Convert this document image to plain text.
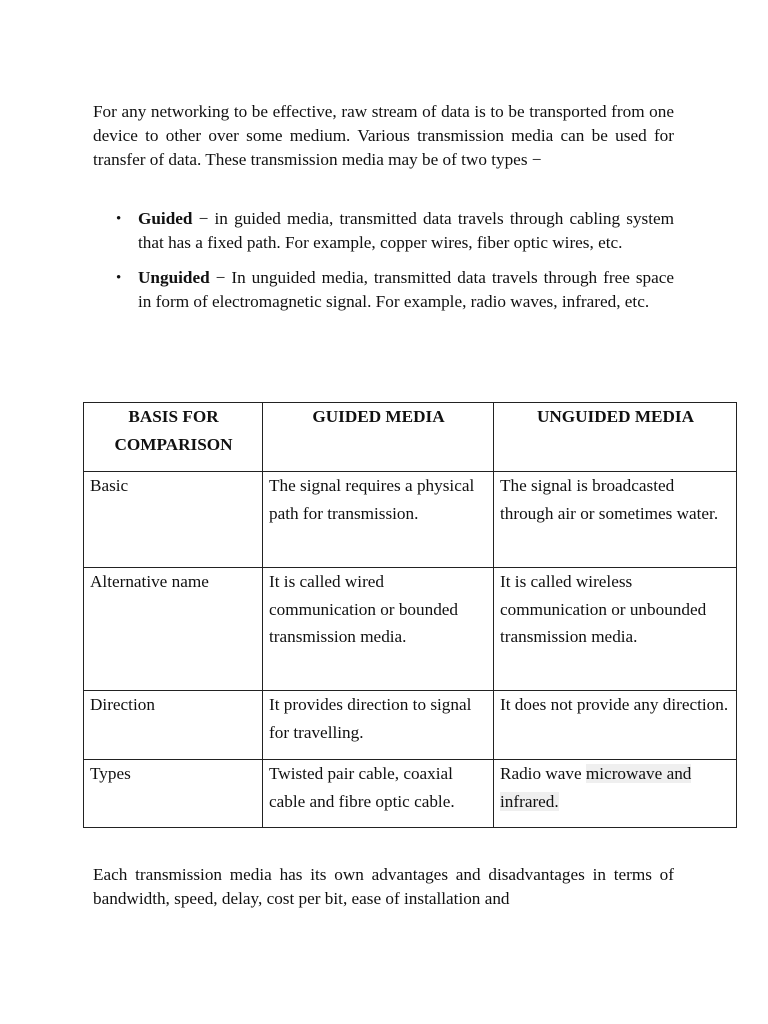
For any networking to be effective, raw stream of data is to be transported from one device to other over some medium. Various transmission media can be used for transfer of data. These transmission media may be of two types −

• Guided − in guided media, transmitted data travels through cabling system that has a fixed path. For example, copper wires, fiber optic wires, etc.
• Unguided − In unguided media, transmitted data travels through free space in form of electromagnetic signal. For example, radio waves, infrared, etc.
BASIS FOR COMPARISON	GUIDED MEDIA	UNGUIDED MEDIA
Basic	The signal requires a physical path for transmission.	The signal is broadcasted through air or sometimes water.
Alternative name	It is called wired communication or bounded transmission media.	It is called wireless communication or unbounded transmission media.
Direction	It provides direction to signal for travelling.	It does not provide any direction.
Types	Twisted pair cable, coaxial cable and fibre optic cable.	Radio wave microwave and infrared.

Each transmission media has its own advantages and disadvantages in terms of bandwidth, speed, delay, cost per bit, ease of installation and
